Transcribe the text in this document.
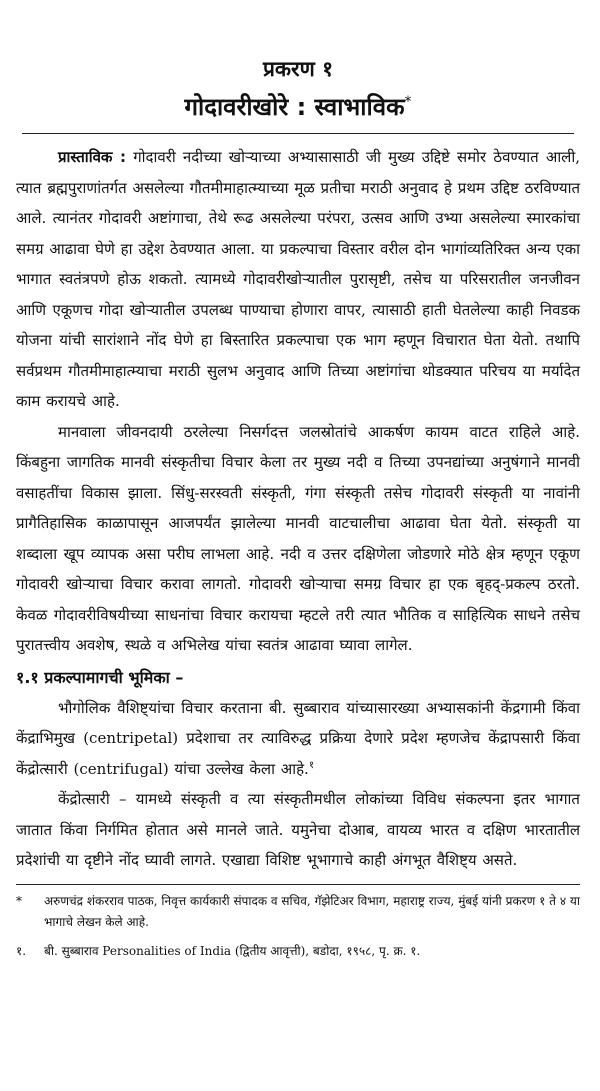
प्रकरण १
गोदावरीखोरे : स्वाभाविक*

प्रास्ताविक : गोदावरी नदीच्या खोऱ्याच्या अभ्यासासाठी जी मुख्य उद्दिष्टे समोर ठेवण्यात आली, त्यात ब्रह्मपुराणांतर्गत असलेल्या गौतमीमाहात्म्याच्या मूळ प्रतीचा मराठी अनुवाद हे प्रथम उद्दिष्ट ठरविण्यात आले. त्यानंतर गोदावरी अष्टांगाचा, तेथे रूढ असलेल्या परंपरा, उत्सव आणि उभ्या असलेल्या स्मारकांचा समग्र आढावा घेणे हा उद्देश ठेवण्यात आला. या प्रकल्पाचा विस्तार वरील दोन भागांव्यतिरिक्त अन्य एका भागात स्वतंत्रपणे होऊ शकतो. त्यामध्ये गोदावरीखोऱ्यातील पुरासृष्टी, तसेच या परिसरातील जनजीवन आणि एकूणच गोदा खोऱ्यातील उपलब्ध पाण्याचा होणारा वापर, त्यासाठी हाती घेतलेल्या काही निवडक योजना यांची सारांशाने नोंद घेणे हा बिस्तारित प्रकल्पाचा एक भाग म्हणून विचारात घेता येतो. तथापि सर्वप्रथम गौतमीमाहात्म्याचा मराठी सुलभ अनुवाद आणि तिच्या अष्टांगांचा थोडक्यात परिचय या मर्यादेत काम करायचे आहे.

मानवाला जीवनदायी ठरलेल्या निसर्गदत्त जलस्रोतांचे आकर्षण कायम वाटत राहिले आहे. किंबहुना जागतिक मानवी संस्कृतीचा विचार केला तर मुख्य नदी व तिच्या उपनद्यांच्या अनुषंगाने मानवी वसाहतींचा विकास झाला. सिंधु-सरस्वती संस्कृती, गंगा संस्कृती तसेच गोदावरी संस्कृती या नावांनी प्रागैतिहासिक काळापासून आजपर्यंत झालेल्या मानवी वाटचालीचा आढावा घेता येतो. संस्कृती या शब्दाला खूप व्यापक असा परीघ लाभला आहे. नदी व उत्तर दक्षिणेला जोडणारे मोठे क्षेत्र म्हणून एकूण गोदावरी खोऱ्याचा विचार करावा लागतो. गोदावरी खोऱ्याचा समग्र विचार हा एक बृहद्-प्रकल्प ठरतो. केवळ गोदावरीविषयीच्या साधनांचा विचार करायचा म्हटले तरी त्यात भौतिक व साहित्यिक साधने तसेच पुरातत्त्वीय अवशेष, स्थळे व अभिलेख यांचा स्वतंत्र आढावा घ्यावा लागेल.

१.१ प्रकल्पामागची भूमिका –

भौगोलिक वैशिष्ट्यांचा विचार करताना बी. सुब्बाराव यांच्यासारख्या अभ्यासकांनी केंद्रगामी किंवा केंद्राभिमुख (centripetal) प्रदेशाचा तर त्याविरुद्ध प्रक्रिया देणारे प्रदेश म्हणजेच केंद्रापसारी किंवा केंद्रोत्सारी (centrifugal) यांचा उल्लेख केला आहे.$^१$

केंद्रोत्सारी – यामध्ये संस्कृती व त्या संस्कृतीमधील लोकांच्या विविध संकल्पना इतर भागात जातात किंवा निर्गमित होतात असे मानले जाते. यमुनेचा दोआब, वायव्य भारत व दक्षिण भारतातील प्रदेशांची या दृष्टीने नोंद घ्यावी लागते. एखाद्या विशिष्ट भूभागाचे काही अंगभूत वैशिष्ट्य असते.

*	अरुणचंद्र शंकरराव पाठक, निवृत्त कार्यकारी संपादक व सचिव, गॅझेटिअर विभाग, महाराष्ट्र राज्य, मुंबई यांनी प्रकरण १ ते ४ या भागाचे लेखन केले आहे.
१.	बी. सुब्बाराव Personalities of India (द्वितीय आवृत्ती), बडोदा, १९५८, पृ. क्र. १.
